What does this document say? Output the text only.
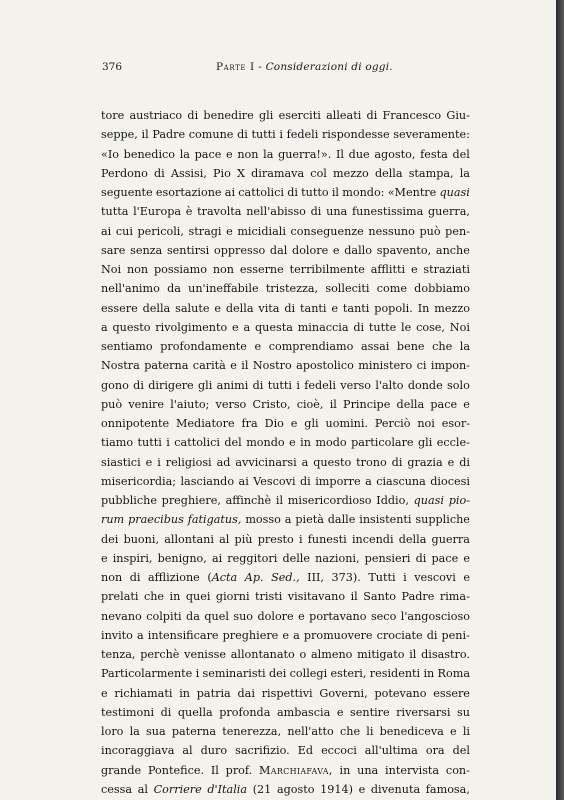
376	Parte I - Considerazioni di oggi.
tore austriaco di benedire gli eserciti alleati di Francesco Giu-
seppe, il Padre comune di tutti i fedeli rispondesse severamente:
«Io benedico la pace e non la guerra!». Il due agosto, festa del
Perdono di Assisi, Pio X diramava col mezzo della stampa, la
seguente esortazione ai cattolici di tutto il mondo: «Mentre quasi
tutta l'Europa è travolta nell'abisso di una funestissima guerra,
ai cui pericoli, stragi e micidiali conseguenze nessuno può pen-
sare senza sentirsi oppresso dal dolore e dallo spavento, anche
Noi non possiamo non esserne terribilmente afflitti e straziati
nell'animo da un'ineffabile tristezza, solleciti come dobbiamo
essere della salute e della vita di tanti e tanti popoli. In mezzo
a questo rivolgimento e a questa minaccia di tutte le cose, Noi
sentiamo profondamente e comprendiamo assai bene che la
Nostra paterna carità e il Nostro apostolico ministero ci impon-
gono di dirigere gli animi di tutti i fedeli verso l'alto donde solo
può venire l'aiuto; verso Cristo, cioè, il Principe della pace e
onnipotente Mediatore fra Dio e gli uomini. Perciò noi esor-
tiamo tutti i cattolici del mondo e in modo particolare gli eccle-
siastici e i religiosi ad avvicinarsi a questo trono di grazia e di
misericordia; lasciando ai Vescovi di imporre a ciascuna diocesi
pubbliche preghiere, affinchè il misericordioso Iddio, quasi pio-
rum praecibus fatigatus, mosso a pietà dalle insistenti suppliche
dei buoni, allontani al più presto i funesti incendi della guerra
e inspiri, benigno, ai reggitori delle nazioni, pensieri di pace e
non di afflizione (Acta Ap. Sed., III, 373). Tutti i vescovi e
prelati che in quei giorni tristi visitavano il Santo Padre rima-
nevano colpiti da quel suo dolore e portavano seco l'angoscioso
invito a intensificare preghiere e a promuovere crociate di peni-
tenza, perchè venisse allontanato o almeno mitigato il disastro.
Particolarmente i seminaristi dei collegi esteri, residenti in Roma
e richiamati in patria dai rispettivi Governi, potevano essere
testimoni di quella profonda ambascia e sentire riversarsi su
loro la sua paterna tenerezza, nell'atto che li benediceva e li
incoraggiava al duro sacrifizio. Ed eccoci all'ultima ora del
grande Pontefice. Il prof. Marchiafava, in una intervista con-
cessa al Corriere d'Italia (21 agosto 1914) e divenuta famosa,
